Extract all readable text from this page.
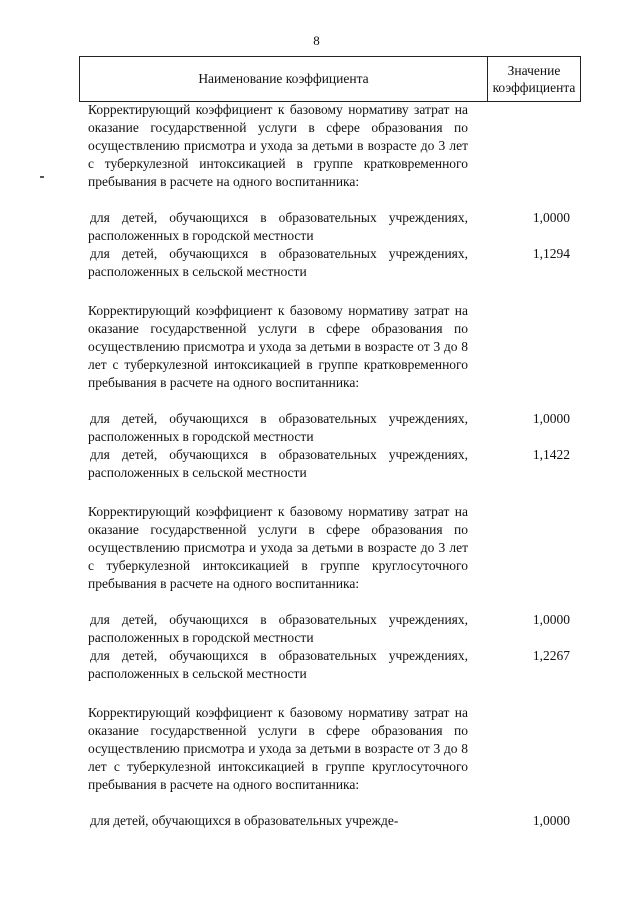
8
Наименование коэффициента
Значение коэффициента

Корректирующий коэффициент к базовому нормативу затрат на оказание государственной услуги в сфере образования по осуществлению присмотра и ухода за детьми в возрасте до 3 лет с туберкулезной интоксикацией в группе кратковременного пребывания в расчете на одного воспитанника:

для детей, обучающихся в образовательных учреждениях, расположенных в городской местности
1,0000
для детей, обучающихся в образовательных учреждениях, расположенных в сельской местности
1,1294

Корректирующий коэффициент к базовому нормативу затрат на оказание государственной услуги в сфере образования по осуществлению присмотра и ухода за детьми в возрасте от 3 до 8 лет с туберкулезной интоксикацией в группе кратковременного пребывания в расчете на одного воспитанника:

для детей, обучающихся в образовательных учреждениях, расположенных в городской местности
1,0000
для детей, обучающихся в образовательных учреждениях, расположенных в сельской местности
1,1422

Корректирующий коэффициент к базовому нормативу затрат на оказание государственной услуги в сфере образования по осуществлению присмотра и ухода за детьми в возрасте до 3 лет с туберкулезной интоксикацией в группе круглосуточного пребывания в расчете на одного воспитанника:

для детей, обучающихся в образовательных учреждениях, расположенных в городской местности
1,0000
для детей, обучающихся в образовательных учреждениях, расположенных в сельской местности
1,2267

Корректирующий коэффициент к базовому нормативу затрат на оказание государственной услуги в сфере образования по осуществлению присмотра и ухода за детьми в возрасте от 3 до 8 лет с туберкулезной интоксикацией в группе круглосуточного пребывания в расчете на одного воспитанника:

для детей, обучающихся в образовательных учрежде-	1,0000
